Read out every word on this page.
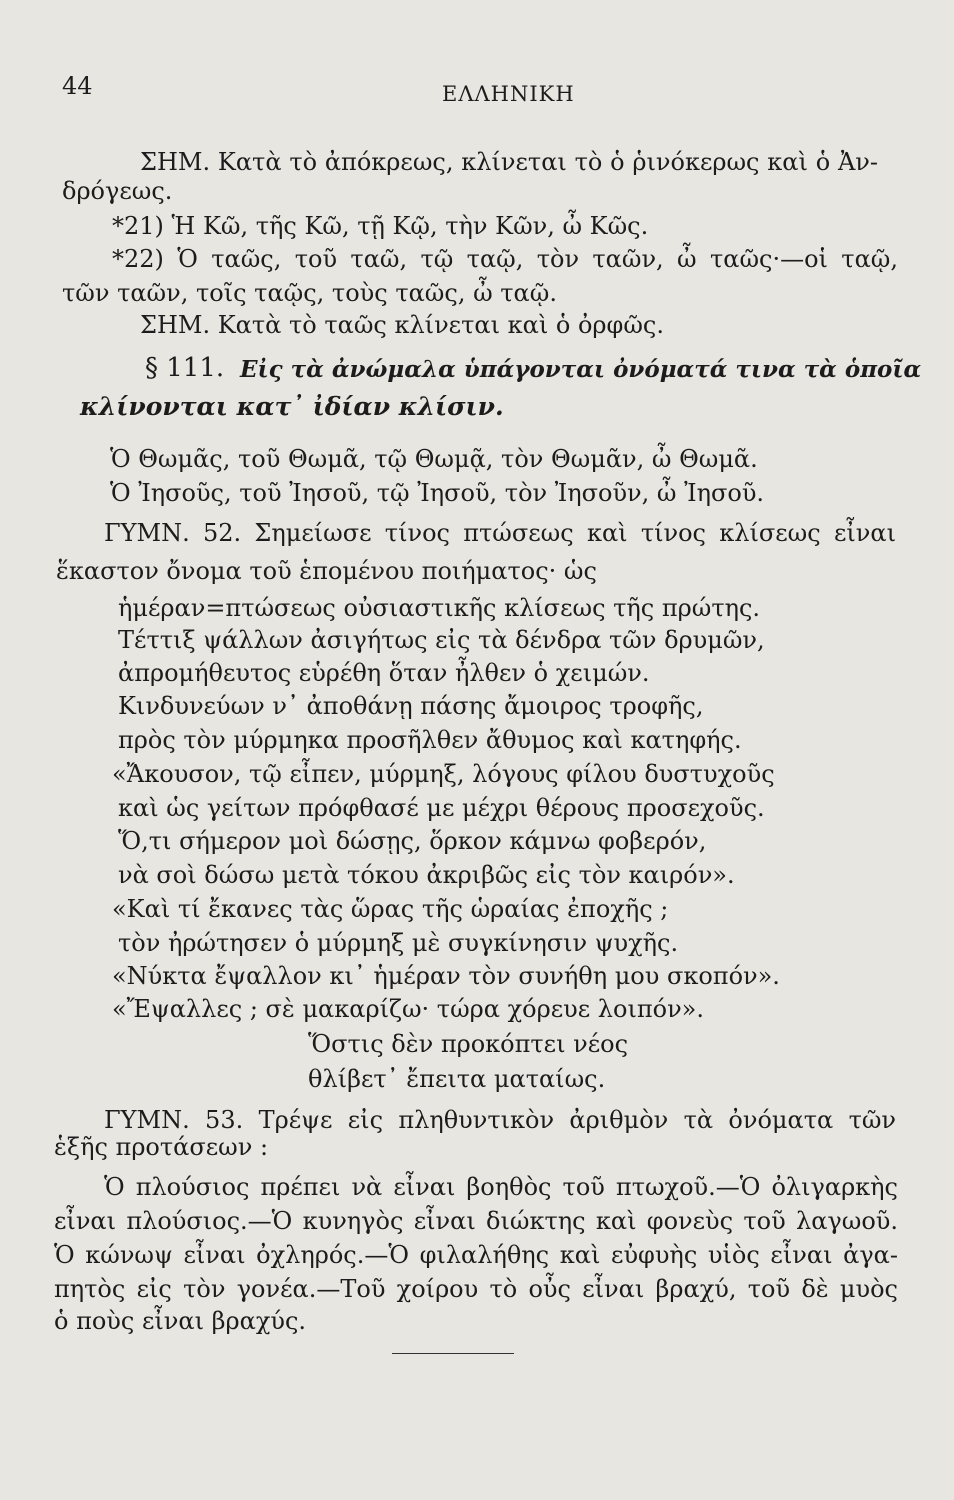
44	ΕΛΛΗΝΙΚΗ
ΣΗΜ. Κατὰ τὸ ἀπόκρεως, κλίνεται τὸ ὁ ῥινόκερως καὶ ὁ Ἀν-
δρόγεως.
*21) Ἡ Κῶ, τῆς Κῶ, τῇ Κῷ, τὴν Κῶν, ὦ Κῶς.
*22) Ὁ ταῶς, τοῦ ταῶ, τῷ ταῷ, τὸν ταῶν, ὦ ταῶς·—οἱ ταῷ,
τῶν ταῶν, τοῖς ταῷς, τοὺς ταῶς, ὦ ταῷ.
ΣΗΜ. Κατὰ τὸ ταῶς κλίνεται καὶ ὁ ὀρφῶς.
§ 111. Εἰς τὰ ἀνώμαλα ὑπάγονται ὀνόματά τινα τὰ ὁποῖα
κλίνονται κατ᾽ ἰδίαν κλίσιν.
Ὁ Θωμᾶς, τοῦ Θωμᾶ, τῷ Θωμᾷ, τὸν Θωμᾶν, ὦ Θωμᾶ.
Ὁ Ἰησοῦς, τοῦ Ἰησοῦ, τῷ Ἰησοῦ, τὸν Ἰησοῦν, ὦ Ἰησοῦ.
ΓΥΜΝ. 52. Σημείωσε τίνος πτώσεως καὶ τίνος κλίσεως εἶναι
ἕκαστον ὄνομα τοῦ ἑπομένου ποιήματος· ὡς
ἡμέραν=πτώσεως οὐσιαστικῆς κλίσεως τῆς πρώτης.
Τέττιξ ψάλλων ἀσιγήτως εἰς τὰ δένδρα τῶν δρυμῶν,
ἀπρομήθευτος εὑρέθη ὅταν ἦλθεν ὁ χειμών.
Κινδυνεύων ν᾽ ἀποθάνῃ πάσης ἄμοιρος τροφῆς,
πρὸς τὸν μύρμηκα προσῆλθεν ἄθυμος καὶ κατηφής.
«Ἄκουσον, τῷ εἶπεν, μύρμηξ, λόγους φίλου δυστυχοῦς
καὶ ὡς γείτων πρόφθασέ με μέχρι θέρους προσεχοῦς.
Ὅ,τι σήμερον μοὶ δώσῃς, ὅρκον κάμνω φοβερόν,
νὰ σοὶ δώσω μετὰ τόκου ἀκριβῶς εἰς τὸν καιρόν».
«Καὶ τί ἔκανες τὰς ὥρας τῆς ὡραίας ἐποχῆς ;
τὸν ἠρώτησεν ὁ μύρμηξ μὲ συγκίνησιν ψυχῆς.
«Νύκτα ἔψαλλον κι᾽ ἡμέραν τὸν συνήθη μου σκοπόν».
«Ἔψαλλες ; σὲ μακαρίζω· τώρα χόρευε λοιπόν».
Ὅστις δὲν προκόπτει νέος
θλίβετ᾽ ἔπειτα ματαίως.
ΓΥΜΝ. 53. Τρέψε εἰς πληθυντικὸν ἀριθμὸν τὰ ὀνόματα τῶν
ἑξῆς προτάσεων :
Ὁ πλούσιος πρέπει νὰ εἶναι βοηθὸς τοῦ πτωχοῦ.—Ὁ ὀλιγαρκὴς
εἶναι πλούσιος.—Ὁ κυνηγὸς εἶναι διώκτης καὶ φονεὺς τοῦ λαγωοῦ.
Ὁ κώνωψ εἶναι ὀχληρός.—Ὁ φιλαλήθης καὶ εὐφυὴς υἱὸς εἶναι ἀγα-
πητὸς εἰς τὸν γονέα.—Τοῦ χοίρου τὸ οὖς εἶναι βραχύ, τοῦ δὲ μυὸς
ὁ ποὺς εἶναι βραχύς.
